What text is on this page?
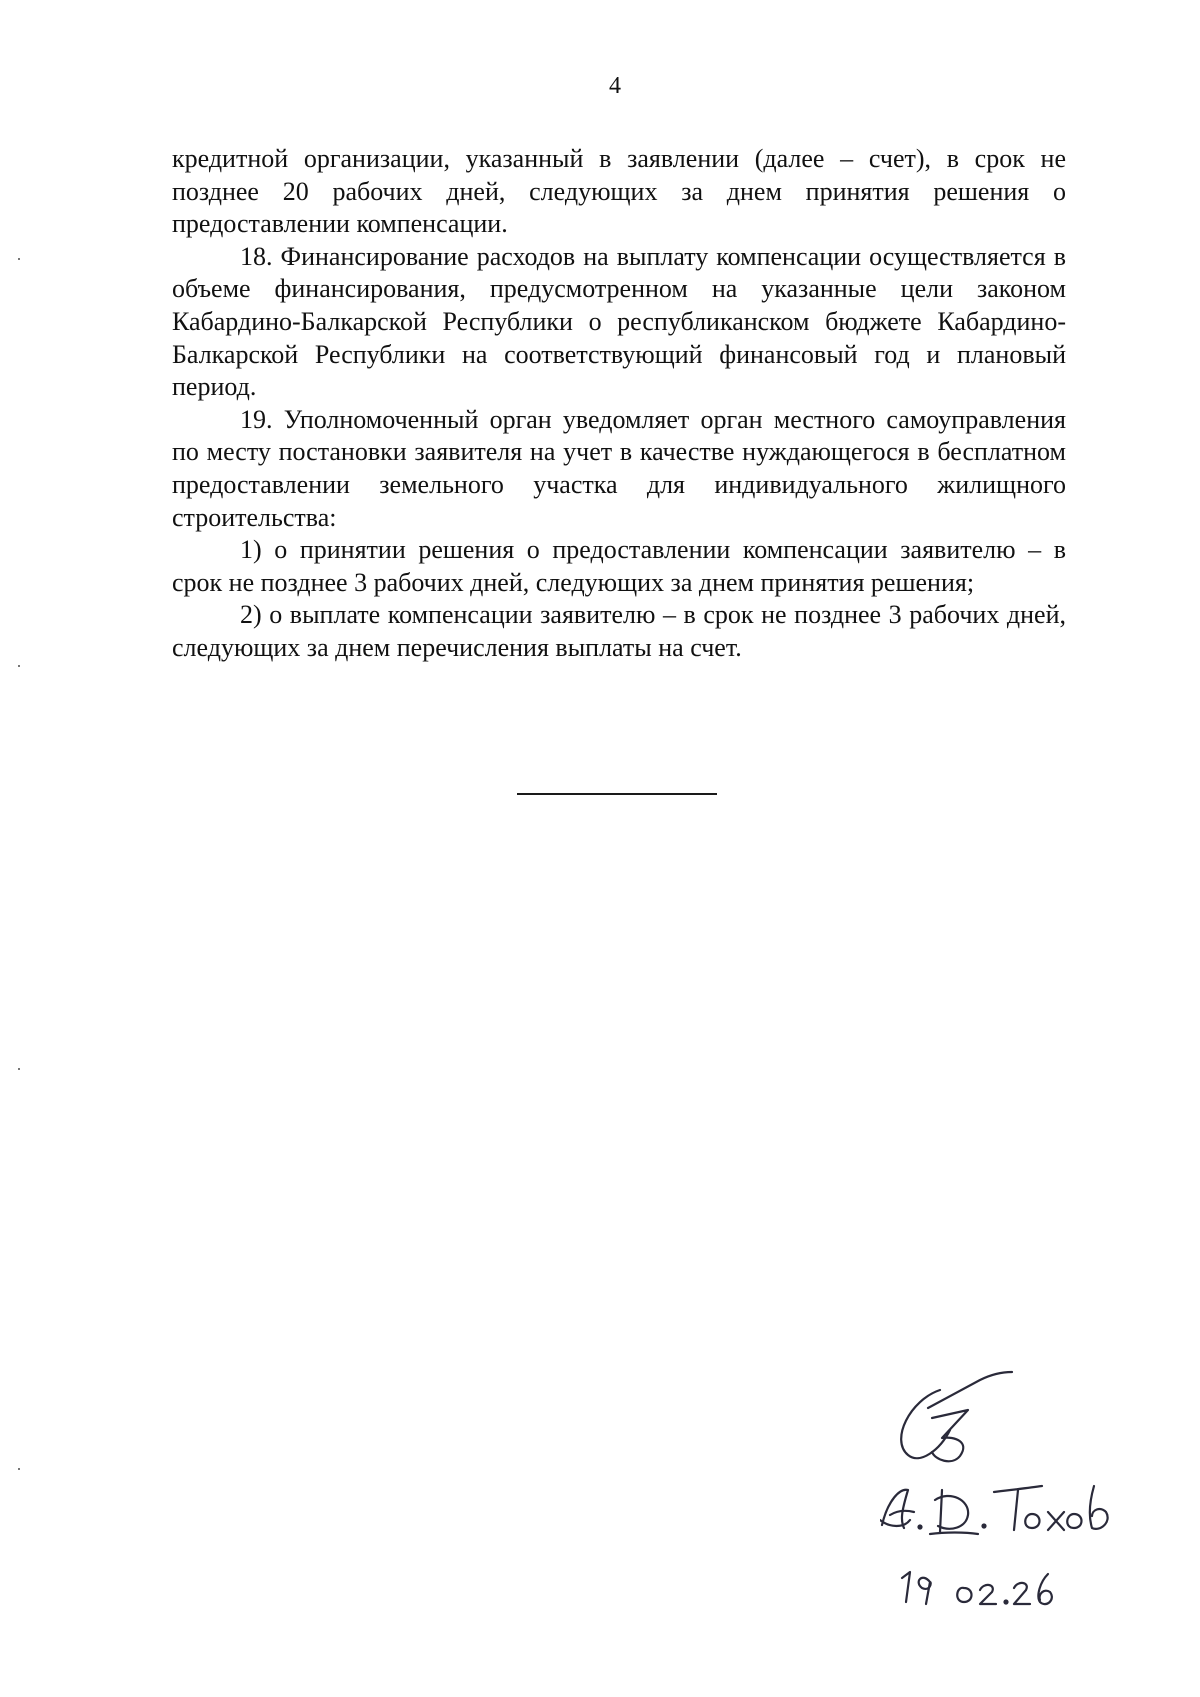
4

кредитной организации, указанный в заявлении (далее – счет), в срок не позднее 20 рабочих дней, следующих за днем принятия решения о предоставлении компенсации.

18. Финансирование расходов на выплату компенсации осуществляется в объеме финансирования, предусмотренном на указанные цели законом Кабардино-Балкарской Республики о республиканском бюджете Кабардино-Балкарской Республики на соответствующий финансовый год и плановый период.

19. Уполномоченный орган уведомляет орган местного самоуправления по месту постановки заявителя на учет в качестве нуждающегося в бесплатном предоставлении земельного участка для индивидуального жилищного строительства:

1) о принятии решения о предоставлении компенсации заявителю – в срок не позднее 3 рабочих дней, следующих за днем принятия решения;

2) о выплате компенсации заявителю – в срок не позднее 3 рабочих дней, следующих за днем перечисления выплаты на счет.
